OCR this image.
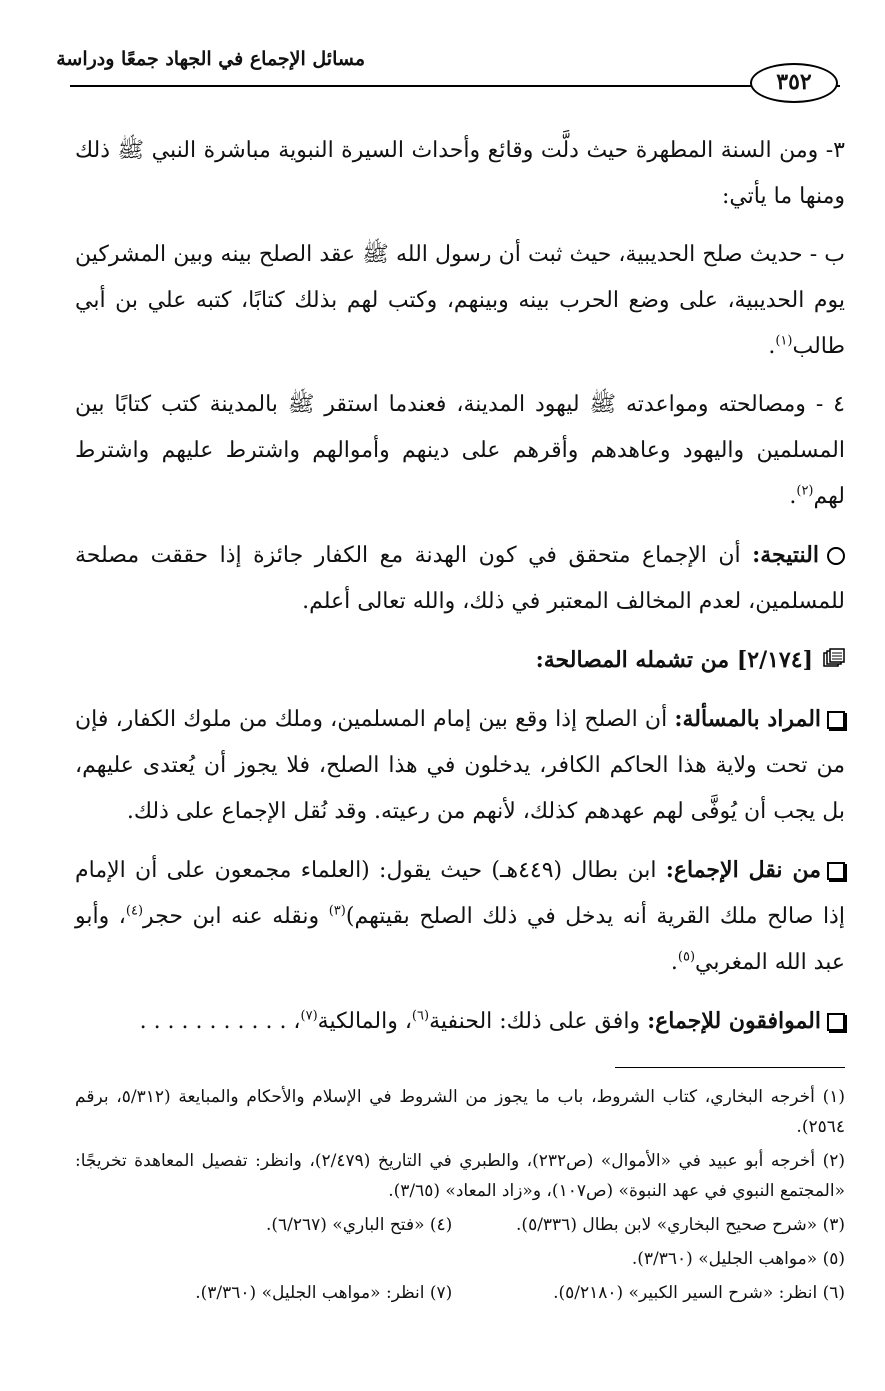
مسائل الإجماع في الجهاد جمعًا ودراسة
٣٥٢

٣- ومن السنة المطهرة حيث دلَّت وقائع وأحداث السيرة النبوية مباشرة النبي ﷺ ذلك ومنها ما يأتي:

ب - حديث صلح الحديبية، حيث ثبت أن رسول الله ﷺ عقد الصلح بينه وبين المشركين يوم الحديبية، على وضع الحرب بينه وبينهم، وكتب لهم بذلك كتابًا، كتبه علي بن أبي طالب$^{(١)}$.

٤ - ومصالحته ومواعدته ﷺ ليهود المدينة، فعندما استقر ﷺ بالمدينة كتب كتابًا بين المسلمين واليهود وعاهدهم وأقرهم على دينهم وأموالهم واشترط عليهم واشترط لهم$^{(٢)}$.

النتيجة: أن الإجماع متحقق في كون الهدنة مع الكفار جائزة إذا حققت مصلحة للمسلمين، لعدم المخالف المعتبر في ذلك، والله تعالى أعلم.

[٢/١٧٤] من تشمله المصالحة:

المراد بالمسألة: أن الصلح إذا وقع بين إمام المسلمين، وملك من ملوك الكفار، فإن من تحت ولاية هذا الحاكم الكافر، يدخلون في هذا الصلح، فلا يجوز أن يُعتدى عليهم، بل يجب أن يُوفَّى لهم عهدهم كذلك، لأنهم من رعيته. وقد نُقل الإجماع على ذلك.

من نقل الإجماع: ابن بطال (٤٤٩هـ) حيث يقول: (العلماء مجمعون على أن الإمام إذا صالح ملك القرية أنه يدخل في ذلك الصلح بقيتهم)$^{(٣)}$ ونقله عنه ابن حجر$^{(٤)}$، وأبو عبد الله المغربي$^{(٥)}$.

الموافقون للإجماع: وافق على ذلك: الحنفية$^{(٦)}$، والمالكية$^{(٧)}$، . . . . . . . . . . .

(١) أخرجه البخاري، كتاب الشروط، باب ما يجوز من الشروط في الإسلام والأحكام والمبايعة (٥/٣١٢، برقم ٢٥٦٤).

(٢) أخرجه أبو عبيد في «الأموال» (ص٢٣٢)، والطبري في التاريخ (٢/٤٧٩)، وانظر: تفصيل المعاهدة تخريجًا: «المجتمع النبوي في عهد النبوة» (ص١٠٧)، و«زاد المعاد» (٣/٦٥).

(٣) «شرح صحيح البخاري» لابن بطال (٥/٣٣٦).
(٤) «فتح الباري» (٦/٢٦٧).

(٥) «مواهب الجليل» (٣/٣٦٠).

(٦) انظر: «شرح السير الكبير» (٥/٢١٨٠).
(٧) انظر: «مواهب الجليل» (٣/٣٦٠).
